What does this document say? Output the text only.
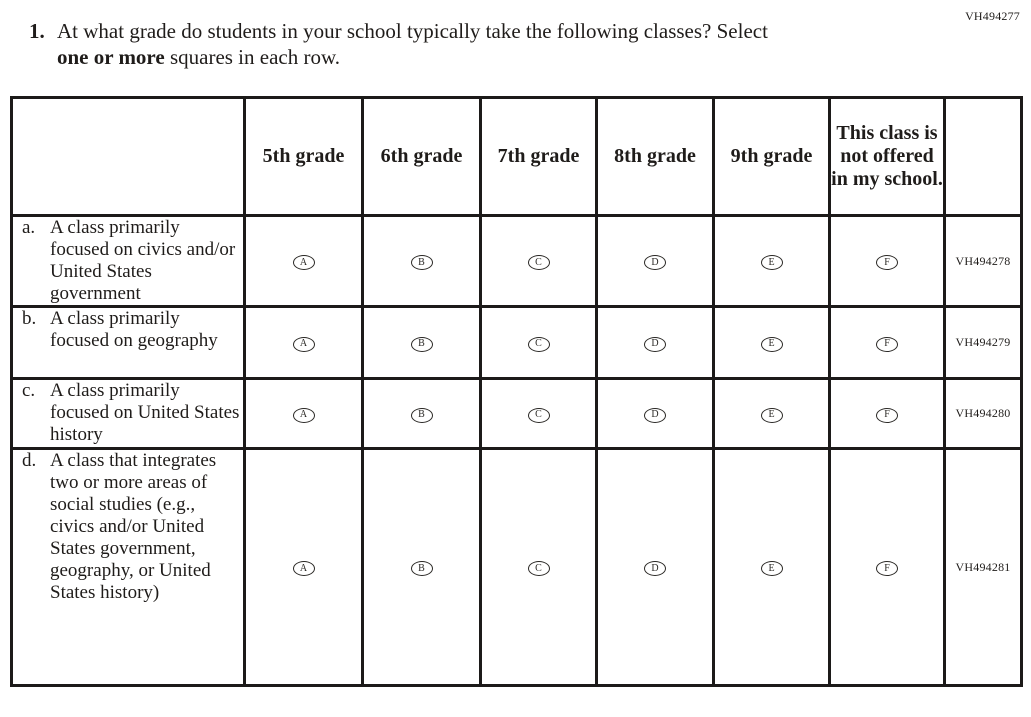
VH494277
1. At what grade do students in your school typically take the following classes? Select
one or more squares in each row.
	5th grade	6th grade	7th grade	8th grade	9th grade	This class is not offered in my school.	

a. A class primarily focused on civics and/or United States government	A	B	C	D	E	F	VH494278

b. A class primarily focused on geography	A	B	C	D	E	F	VH494279

c. A class primarily focused on United States history	A	B	C	D	E	F	VH494280

d. A class that integrates two or more areas of social studies (e.g., civics and/or United States government, geography, or United States history)	A	B	C	D	E	F	VH494281
